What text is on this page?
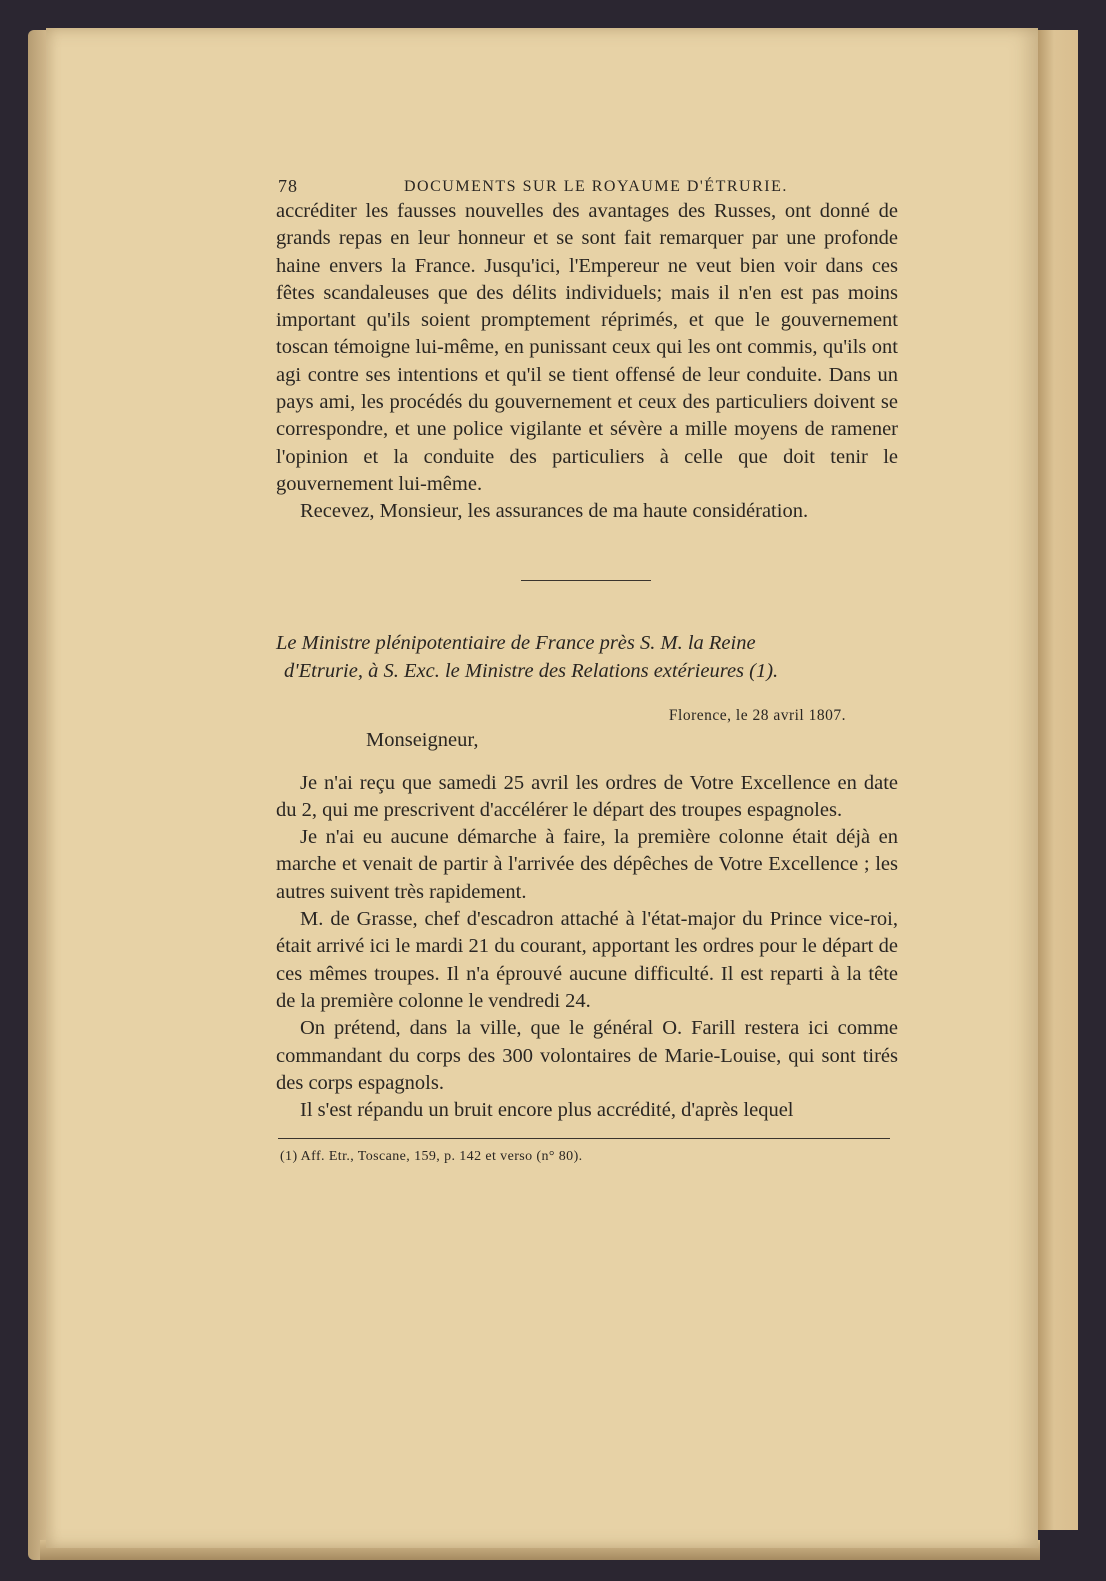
78	DOCUMENTS SUR LE ROYAUME D'ÉTRURIE.

accréditer les fausses nouvelles des avantages des Russes, ont donné de grands repas en leur honneur et se sont fait remarquer par une profonde haine envers la France. Jusqu'ici, l'Empereur ne veut bien voir dans ces fêtes scandaleuses que des délits individuels; mais il n'en est pas moins important qu'ils soient promptement réprimés, et que le gouvernement toscan témoigne lui-même, en punissant ceux qui les ont commis, qu'ils ont agi contre ses intentions et qu'il se tient offensé de leur conduite. Dans un pays ami, les procédés du gouvernement et ceux des particuliers doivent se correspondre, et une police vigilante et sévère a mille moyens de ramener l'opinion et la conduite des particuliers à celle que doit tenir le gouvernement lui-même.

Recevez, Monsieur, les assurances de ma haute considération.

Le Ministre plénipotentiaire de France près S. M. la Reine
d'Etrurie, à S. Exc. le Ministre des Relations extérieures (1).
Florence, le 28 avril 1807.
Monseigneur,

Je n'ai reçu que samedi 25 avril les ordres de Votre Excellence en date du 2, qui me prescrivent d'accélérer le départ des troupes espagnoles.

Je n'ai eu aucune démarche à faire, la première colonne était déjà en marche et venait de partir à l'arrivée des dépêches de Votre Excellence ; les autres suivent très rapidement.

M. de Grasse, chef d'escadron attaché à l'état-major du Prince vice-roi, était arrivé ici le mardi 21 du courant, apportant les ordres pour le départ de ces mêmes troupes. Il n'a éprouvé aucune difficulté. Il est reparti à la tête de la première colonne le vendredi 24.

On prétend, dans la ville, que le général O. Farill restera ici comme commandant du corps des 300 volontaires de Marie-Louise, qui sont tirés des corps espagnols.

Il s'est répandu un bruit encore plus accrédité, d'après lequel

(1) Aff. Etr., Toscane, 159, p. 142 et verso (n° 80).
